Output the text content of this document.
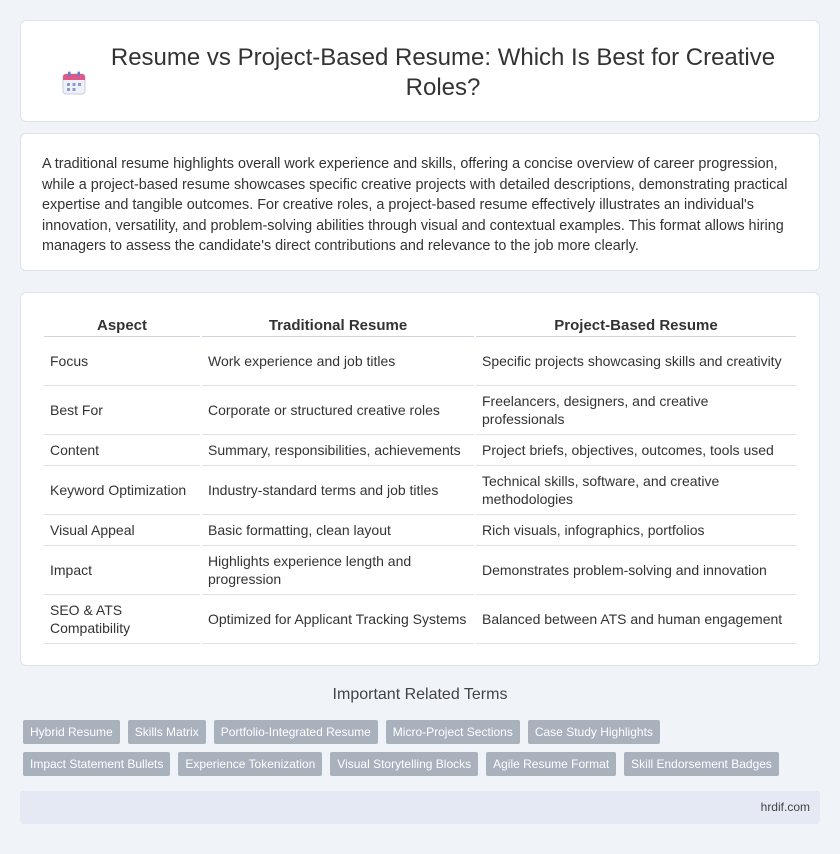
Resume vs Project-Based Resume: Which Is Best for Creative Roles?

A traditional resume highlights overall work experience and skills, offering a concise overview of career progression, while a project-based resume showcases specific creative projects with detailed descriptions, demonstrating practical expertise and tangible outcomes. For creative roles, a project-based resume effectively illustrates an individual's innovation, versatility, and problem-solving abilities through visual and contextual examples. This format allows hiring managers to assess the candidate's direct contributions and relevance to the job more clearly.

Aspect	Traditional Resume	Project-Based Resume
Focus	Work experience and job titles	Specific projects showcasing skills and creativity
Best For	Corporate or structured creative roles	Freelancers, designers, and creative professionals
Content	Summary, responsibilities, achievements	Project briefs, objectives, outcomes, tools used
Keyword Optimization	Industry-standard terms and job titles	Technical skills, software, and creative methodologies
Visual Appeal	Basic formatting, clean layout	Rich visuals, infographics, portfolios
Impact	Highlights experience length and progression	Demonstrates problem-solving and innovation
SEO & ATS Compatibility	Optimized for Applicant Tracking Systems	Balanced between ATS and human engagement
Important Related Terms
Hybrid Resume	Skills Matrix	Portfolio-Integrated Resume	Micro-Project Sections	Case Study Highlights
Impact Statement Bullets	Experience Tokenization	Visual Storytelling Blocks	Agile Resume Format	Skill Endorsement Badges
hrdif.com
